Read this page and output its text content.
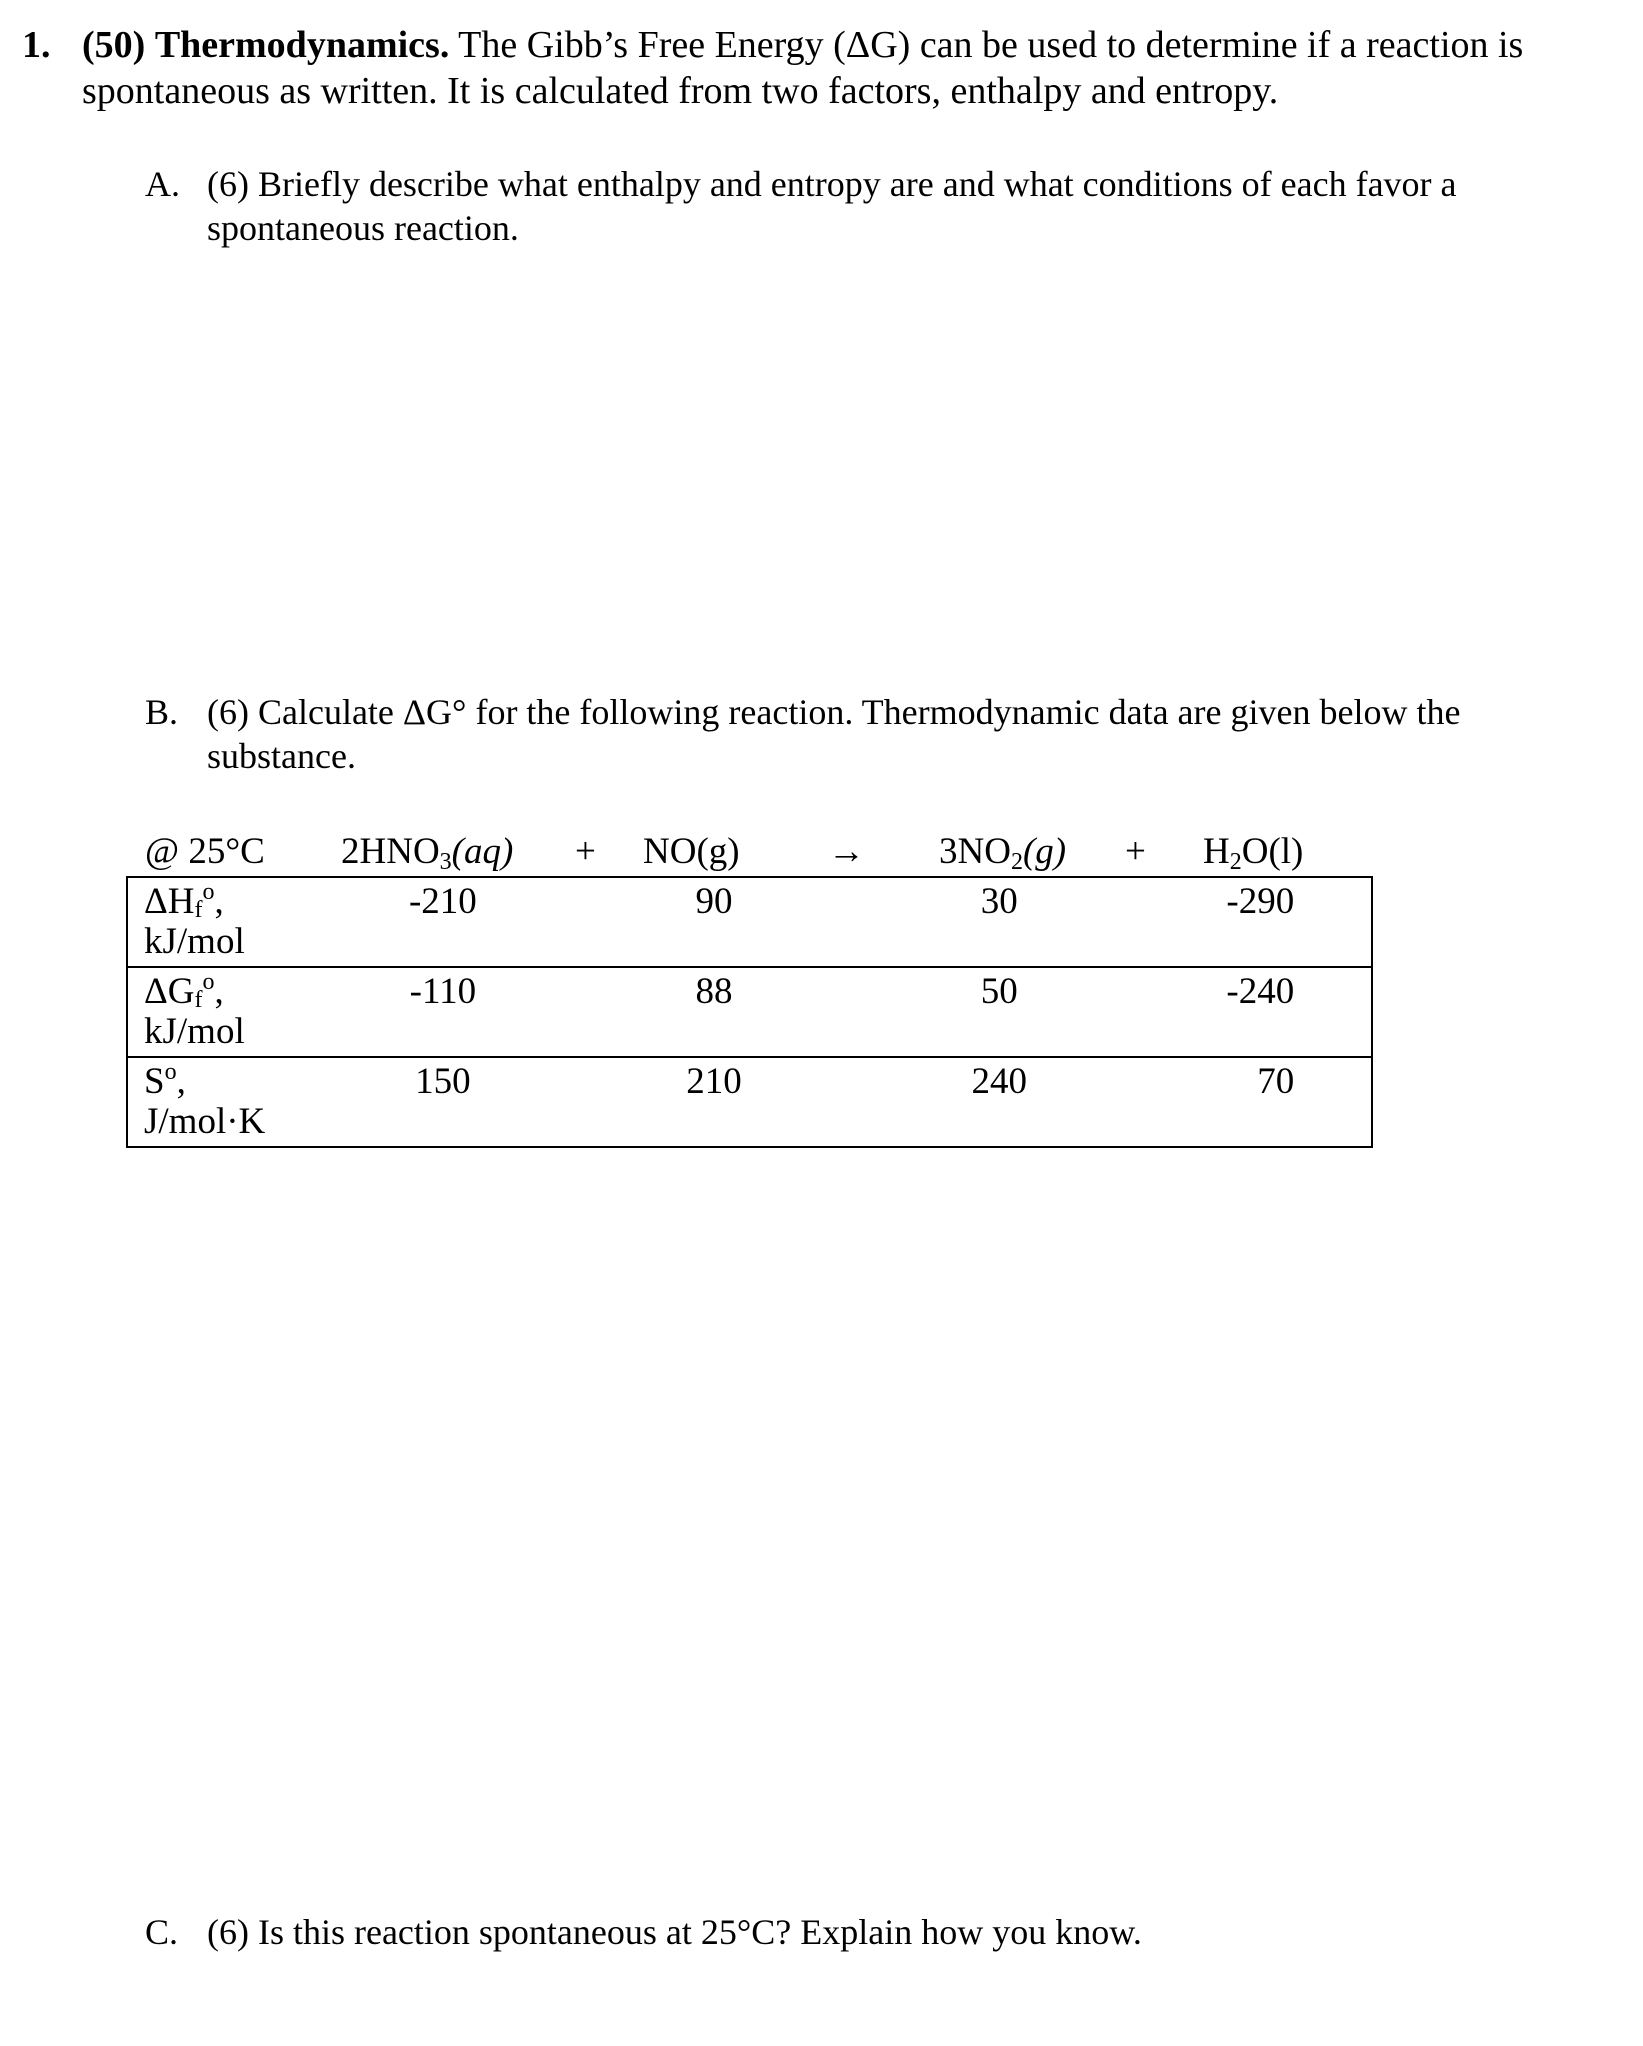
1. (50) Thermodynamics. The Gibb’s Free Energy (ΔG) can be used to determine if a reaction is spontaneous as written. It is calculated from two factors, enthalpy and entropy.
A. (6) Briefly describe what enthalpy and entropy are and what conditions of each favor a spontaneous reaction.
B. (6) Calculate ΔG° for the following reaction. Thermodynamic data are given below the substance.
@ 25°C $2HNO_3(aq) + NO(g) \to 3NO_2(g) + H_2O(l)$
ΔHf$^o$,
kJ/mol	-210	90	30	-290
ΔGf$^o$,
kJ/mol	-110	88	50	-240
$S^o$,
J/mol·K	150	210	240	70
C. (6) Is this reaction spontaneous at 25°C? Explain how you know.
